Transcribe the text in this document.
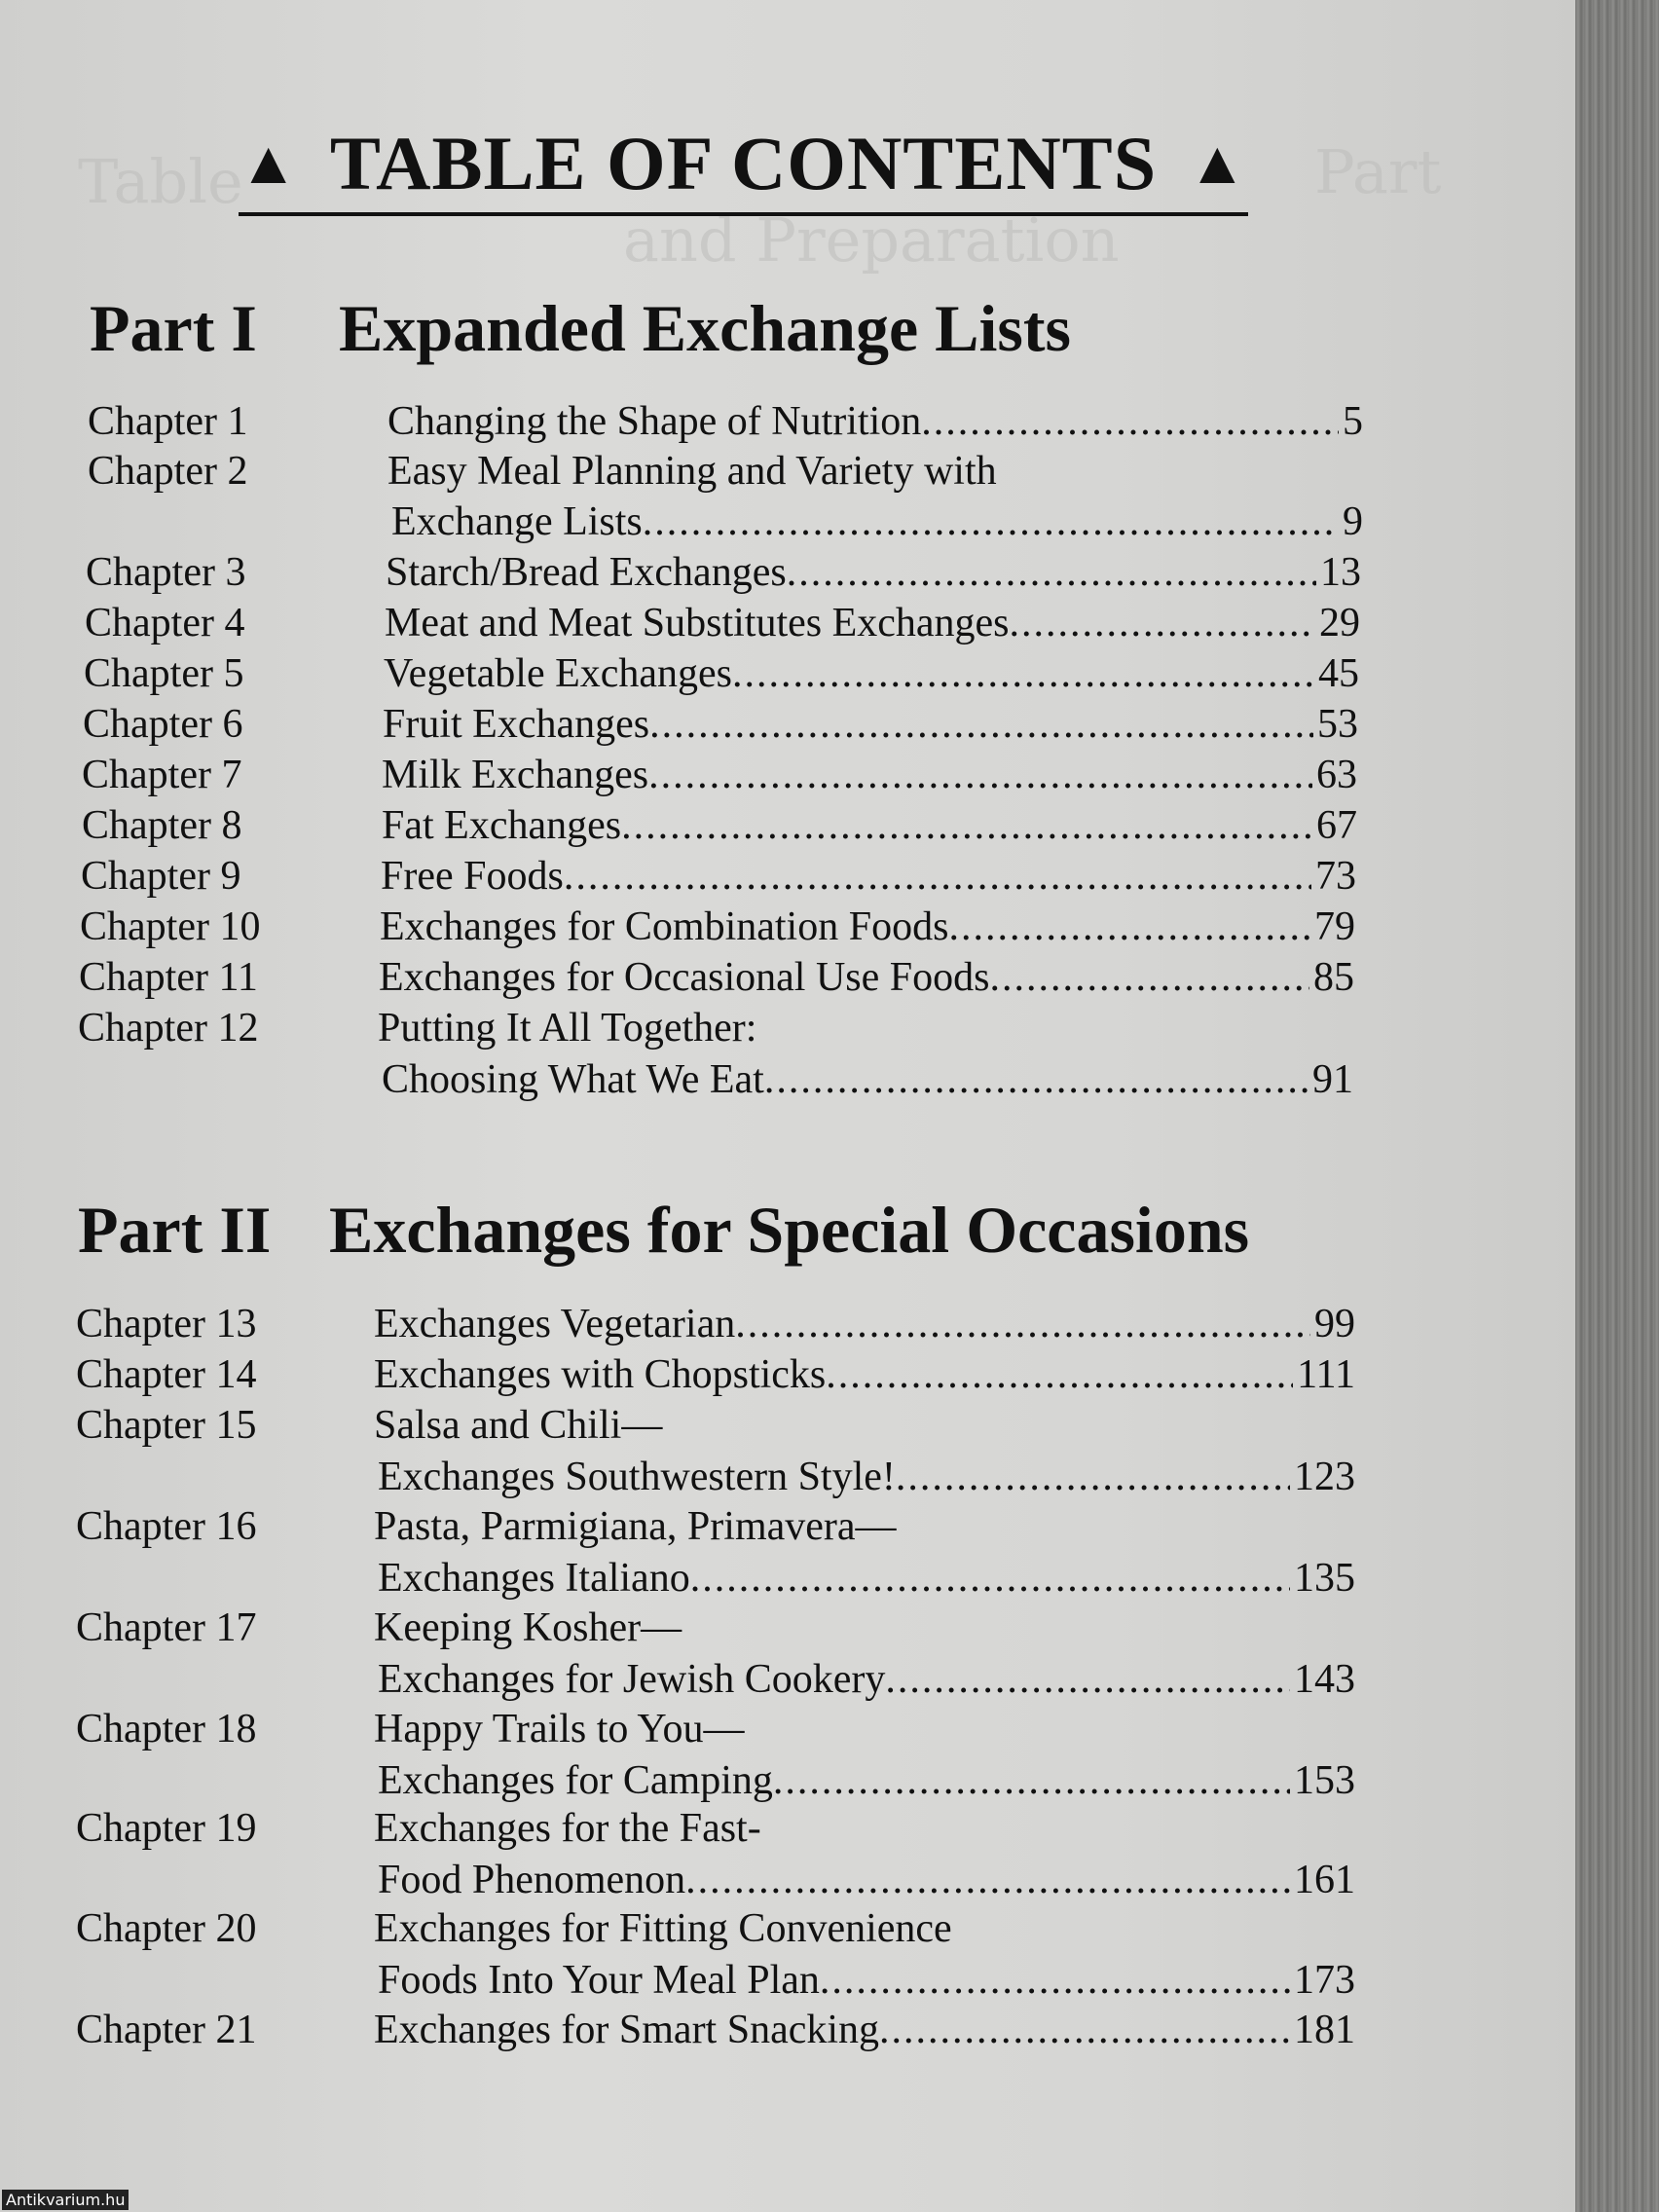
Table
and Preparation
Part
▲ TABLE OF CONTENTS ▲
Part I Expanded Exchange Lists
Chapter 1	Changing the Shape of Nutrition .....	5
Chapter 2	Easy Meal Planning and Variety with
Exchange Lists .....	9
Chapter 3	Starch/Bread Exchanges .....	13
Chapter 4	Meat and Meat Substitutes Exchanges .....	29
Chapter 5	Vegetable Exchanges .....	45
Chapter 6	Fruit Exchanges .....	53
Chapter 7	Milk Exchanges .....	63
Chapter 8	Fat Exchanges .....	67
Chapter 9	Free Foods .....	73
Chapter 10	Exchanges for Combination Foods .....	79
Chapter 11	Exchanges for Occasional Use Foods .....	85
Chapter 12	Putting It All Together:
Choosing What We Eat .....	91
Part II Exchanges for Special Occasions
Chapter 13	Exchanges Vegetarian .....	99
Chapter 14	Exchanges with Chopsticks .....	111
Chapter 15	Salsa and Chili—
Exchanges Southwestern Style! .....	123
Chapter 16	Pasta, Parmigiana, Primavera—
Exchanges Italiano .....	135
Chapter 17	Keeping Kosher—
Exchanges for Jewish Cookery .....	143
Chapter 18	Happy Trails to You—
Exchanges for Camping .....	153
Chapter 19	Exchanges for the Fast-
Food Phenomenon .....	161
Chapter 20	Exchanges for Fitting Convenience
Foods Into Your Meal Plan .....	173
Chapter 21	Exchanges for Smart Snacking .....	181
Antikvarium.hu
